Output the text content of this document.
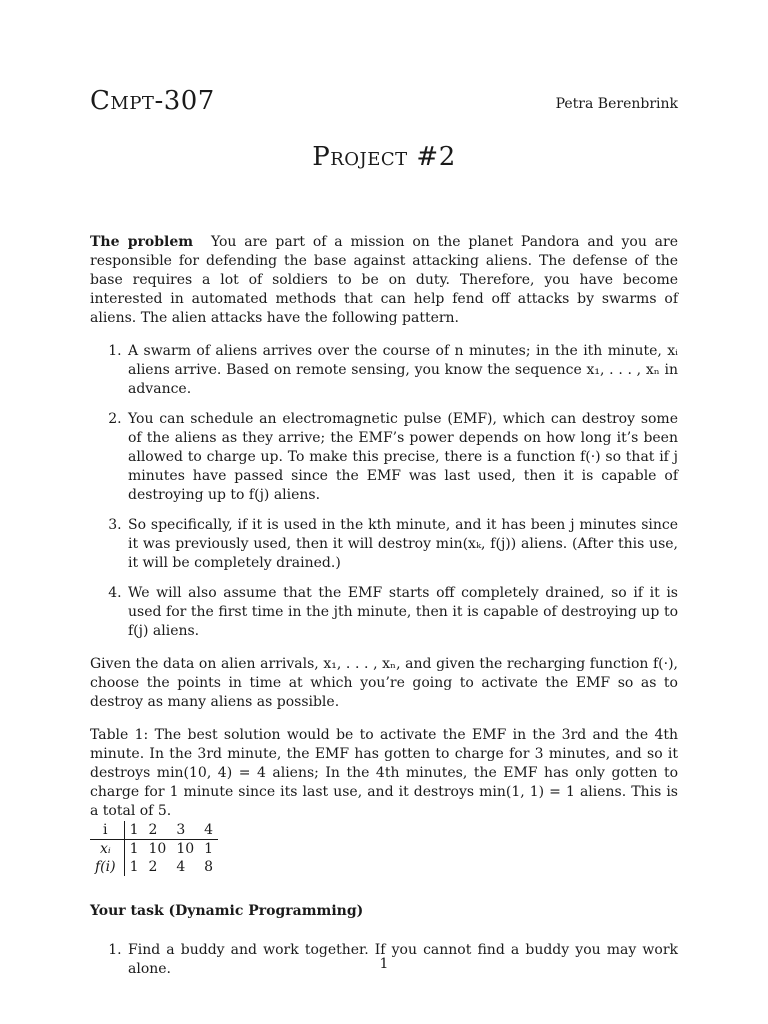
Cmpt-307	Petra Berenbrink
Project #2

The problem You are part of a mission on the planet Pandora and you are responsible for defending the base against attacking aliens. The defense of the base requires a lot of soldiers to be on duty. Therefore, you have become interested in automated methods that can help fend off attacks by swarms of aliens. The alien attacks have the following pattern.

1. A swarm of aliens arrives over the course of n minutes; in the ith minute, xᵢ aliens arrive. Based on remote sensing, you know the sequence x₁, . . . , xₙ in advance.
2. You can schedule an electromagnetic pulse (EMF), which can destroy some of the aliens as they arrive; the EMF’s power depends on how long it’s been allowed to charge up. To make this precise, there is a function f(·) so that if j minutes have passed since the EMF was last used, then it is capable of destroying up to f(j) aliens.
3. So specifically, if it is used in the kth minute, and it has been j minutes since it was previously used, then it will destroy min(xₖ, f(j)) aliens. (After this use, it will be completely drained.)
4. We will also assume that the EMF starts off completely drained, so if it is used for the first time in the jth minute, then it is capable of destroying up to f(j) aliens.

Given the data on alien arrivals, x₁, . . . , xₙ, and given the recharging function f(·), choose the points in time at which you’re going to activate the EMF so as to destroy as many aliens as possible.

Table 1: The best solution would be to activate the EMF in the 3rd and the 4th minute. In the 3rd minute, the EMF has gotten to charge for 3 minutes, and so it destroys min(10, 4) = 4 aliens; In the 4th minutes, the EMF has only gotten to charge for 1 minute since its last use, and it destroys min(1, 1) = 1 aliens. This is a total of 5.

i	1	2	3	4
xᵢ	1	10	10	1
f(i)	1	2	4	8
Your task (Dynamic Programming)
1. Find a buddy and work together. If you cannot find a buddy you may work alone.	1
